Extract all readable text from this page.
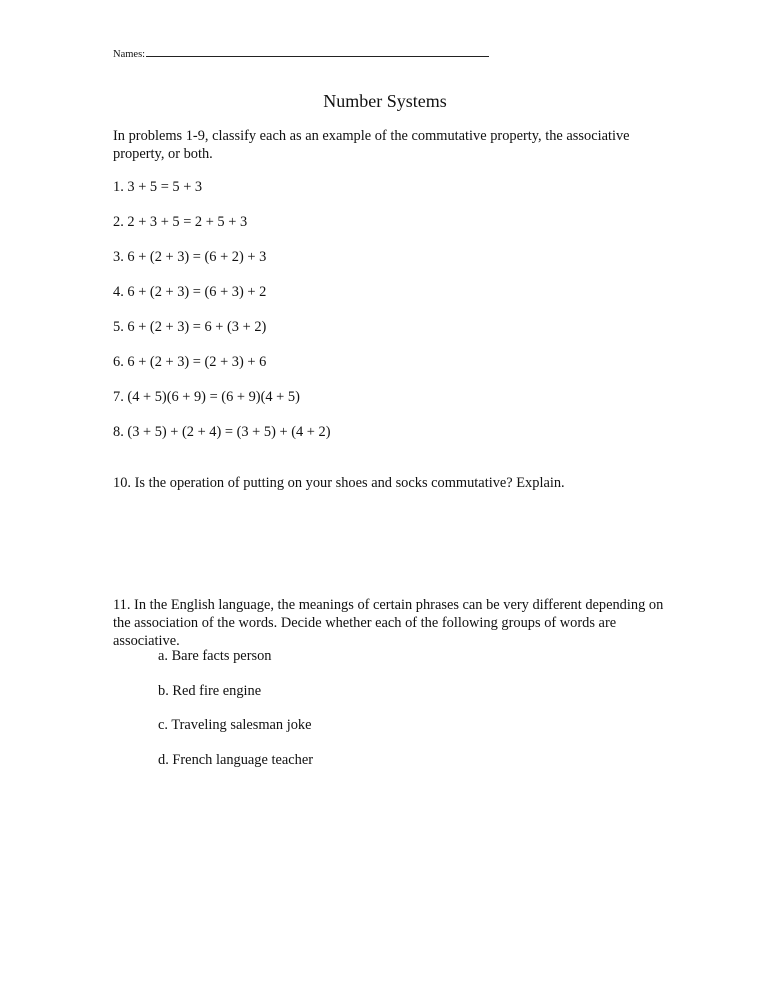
Names:
Number Systems
In problems 1-9, classify each as an example of the commutative property, the associative property, or both.
1. 3 + 5 = 5 + 3
2. 2 + 3 + 5 = 2 + 5 + 3
3. 6 + (2 + 3) = (6 + 2) + 3
4. 6 + (2 + 3) = (6 + 3) + 2
5. 6 + (2 + 3) = 6 + (3 + 2)
6. 6 + (2 + 3) = (2 + 3) + 6
7. (4 + 5)(6 + 9) = (6 + 9)(4 + 5)
8. (3 + 5) + (2 + 4) = (3 + 5) + (4 + 2)
10. Is the operation of putting on your shoes and socks commutative? Explain.
11. In the English language, the meanings of certain phrases can be very different depending on the association of the words. Decide whether each of the following groups of words are associative.
a. Bare facts person
b. Red fire engine
c. Traveling salesman joke
d. French language teacher
